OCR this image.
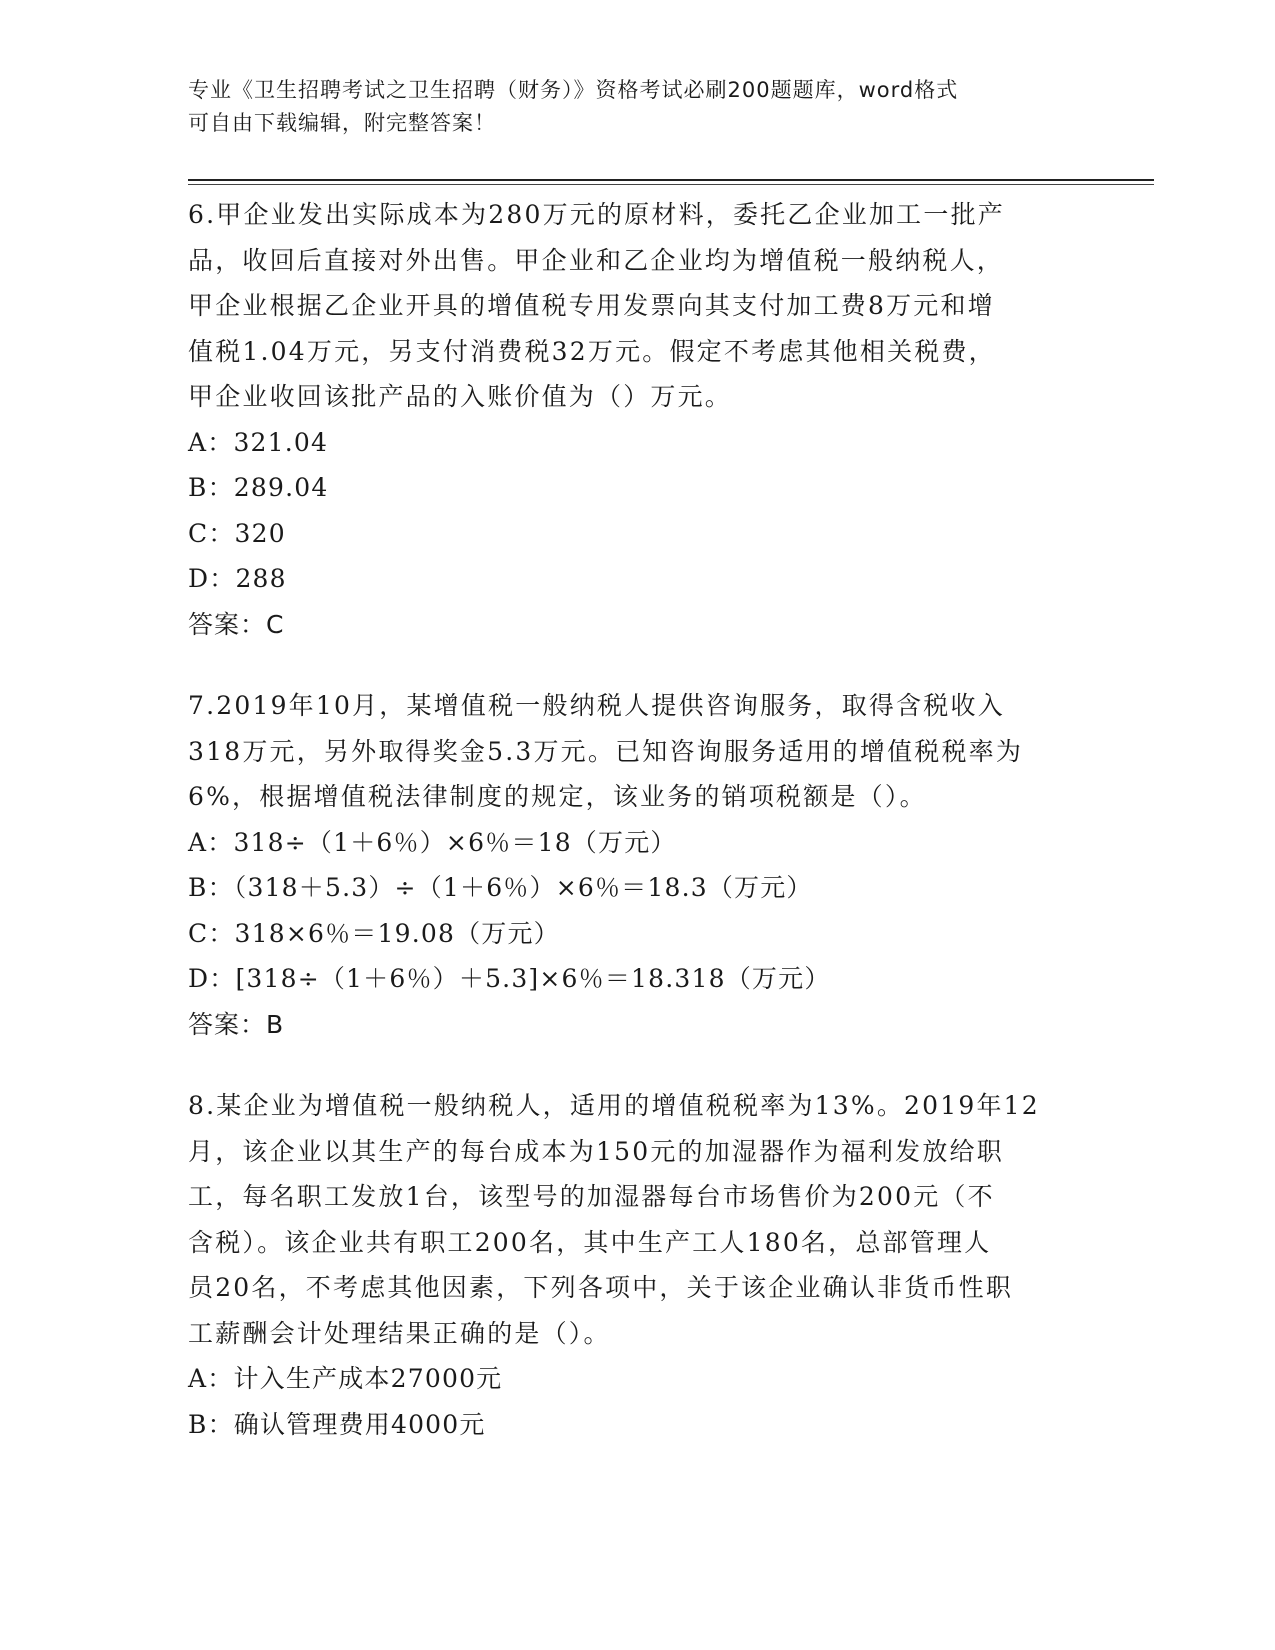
专业《卫生招聘考试之卫生招聘（财务）》资格考试必刷200题题库，word格式
可自由下载编辑，附完整答案！
6.甲企业发出实际成本为280万元的原材料，委托乙企业加工一批产
品，收回后直接对外出售。甲企业和乙企业均为增值税一般纳税人，
甲企业根据乙企业开具的增值税专用发票向其支付加工费8万元和增
值税1.04万元，另支付消费税32万元。假定不考虑其他相关税费，
甲企业收回该批产品的入账价值为（）万元。
A：321.04
B：289.04
C：320
D：288
答案：C
7.2019年10月，某增值税一般纳税人提供咨询服务，取得含税收入
318万元，另外取得奖金5.3万元。已知咨询服务适用的增值税税率为
6%，根据增值税法律制度的规定，该业务的销项税额是（）。
A：318÷（1＋6％）×6％＝18（万元）
B：（318＋5.3）÷（1＋6％）×6％＝18.3（万元）
C：318×6％＝19.08（万元）
D：[318÷（1＋6％）＋5.3]×6％＝18.318（万元）
答案：B
8.某企业为增值税一般纳税人，适用的增值税税率为13%。2019年12
月，该企业以其生产的每台成本为150元的加湿器作为福利发放给职
工，每名职工发放1台，该型号的加湿器每台市场售价为200元（不
含税）。该企业共有职工200名，其中生产工人180名，总部管理人
员20名，不考虑其他因素，下列各项中，关于该企业确认非货币性职
工薪酬会计处理结果正确的是（）。
A：计入生产成本27000元
B：确认管理费用4000元
